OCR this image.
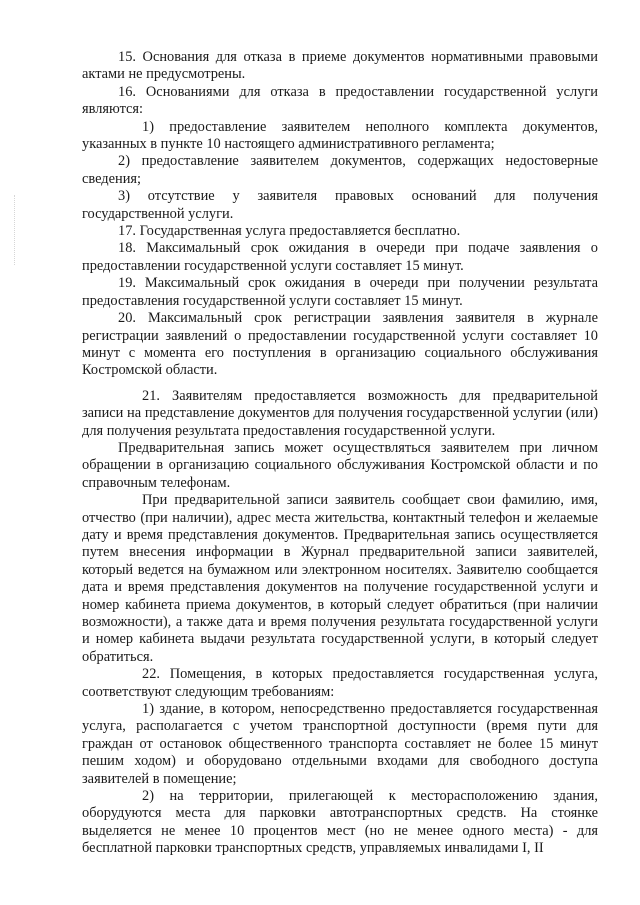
15. Основания для отказа в приеме документов нормативными правовыми актами не предусмотрены.

16. Основаниями для отказа в предоставлении государственной услуги являются:

1) предоставление заявителем неполного комплекта документов, указанных в пункте 10 настоящего административного регламента;

2) предоставление заявителем документов, содержащих недостоверные сведения;

3) отсутствие у заявителя правовых оснований для получения государственной услуги.

17. Государственная услуга предоставляется бесплатно.

18. Максимальный срок ожидания в очереди при подаче заявления о предоставлении государственной услуги составляет 15 минут.

19. Максимальный срок ожидания в очереди при получении результата предоставления государственной услуги составляет 15 минут.

20. Максимальный срок регистрации заявления заявителя в журнале регистрации заявлений о предоставлении государственной услуги составляет 10 минут с момента его поступления в организацию социального обслуживания Костромской области.

21. Заявителям предоставляется возможность для предварительной записи на представление документов для получения государственной услугии (или) для получения результата предоставления государственной услуги.

Предварительная запись может осуществляться заявителем при личном обращении в организацию социального обслуживания Костромской области и по справочным телефонам.

При предварительной записи заявитель сообщает свои фамилию, имя, отчество (при наличии), адрес места жительства, контактный телефон и желаемые дату и время представления документов. Предварительная запись осуществляется путем внесения информации в Журнал предварительной записи заявителей, который ведется на бумажном или электронном носителях. Заявителю сообщается дата и время представления документов на получение государственной услуги и номер кабинета приема документов, в который следует обратиться (при наличии возможности), а также дата и время получения результата государственной услуги и номер кабинета выдачи результата государственной услуги, в который следует обратиться.

22. Помещения, в которых предоставляется государственная услуга, соответствуют следующим требованиям:

1) здание, в котором, непосредственно предоставляется государственная услуга, располагается с учетом транспортной доступности (время пути для граждан от остановок общественного транспорта составляет не более 15 минут пешим ходом) и оборудовано отдельными входами для свободного доступа заявителей в помещение;

2) на территории, прилегающей к месторасположению здания, оборудуются места для парковки автотранспортных средств. На стоянке выделяется не менее 10 процентов мест (но не менее одного места) - для бесплатной парковки транспортных средств, управляемых инвалидами I, II
